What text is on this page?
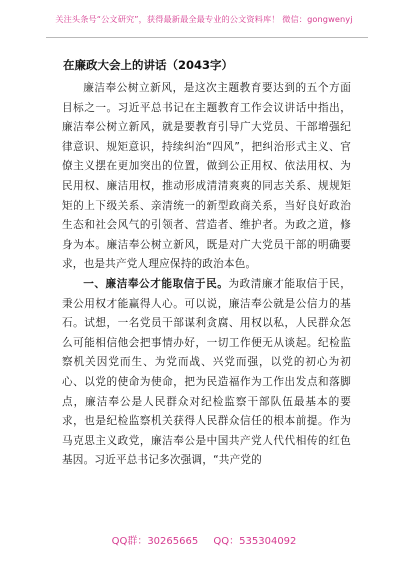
关注头条号“公文研究”，获得最新最全最专业的公文资料库！ 微信：gongwenyj
在廉政大会上的讲话（2043字）

廉洁奉公树立新风，是这次主题教育要达到的五个方面目标之一。习近平总书记在主题教育工作会议讲话中指出，廉洁奉公树立新风，就是要教育引导广大党员、干部增强纪律意识、规矩意识，持续纠治“四风”，把纠治形式主义、官僚主义摆在更加突出的位置，做到公正用权、依法用权、为民用权、廉洁用权，推动形成清清爽爽的同志关系、规规矩矩的上下级关系、亲清统一的新型政商关系，当好良好政治生态和社会风气的引领者、营造者、维护者。为政之道，修身为本。廉洁奉公树立新风，既是对广大党员干部的明确要求，也是共产党人理应保持的政治本色。

一、廉洁奉公才能取信于民。为政清廉才能取信于民，秉公用权才能赢得人心。可以说，廉洁奉公就是公信力的基石。试想，一名党员干部谋利贪腐、用权以私，人民群众怎么可能相信他会把事情办好，一切工作便无从谈起。纪检监察机关因党而生、为党而战、兴党而强，以党的初心为初心、以党的使命为使命，把为民造福作为工作出发点和落脚点，廉洁奉公是人民群众对纪检监察干部队伍最基本的要求，也是纪检监察机关获得人民群众信任的根本前提。作为马克思主义政党，廉洁奉公是中国共产党人代代相传的红色基因。习近平总书记多次强调，“共产党的

QQ群：30265665 QQ：535304092
